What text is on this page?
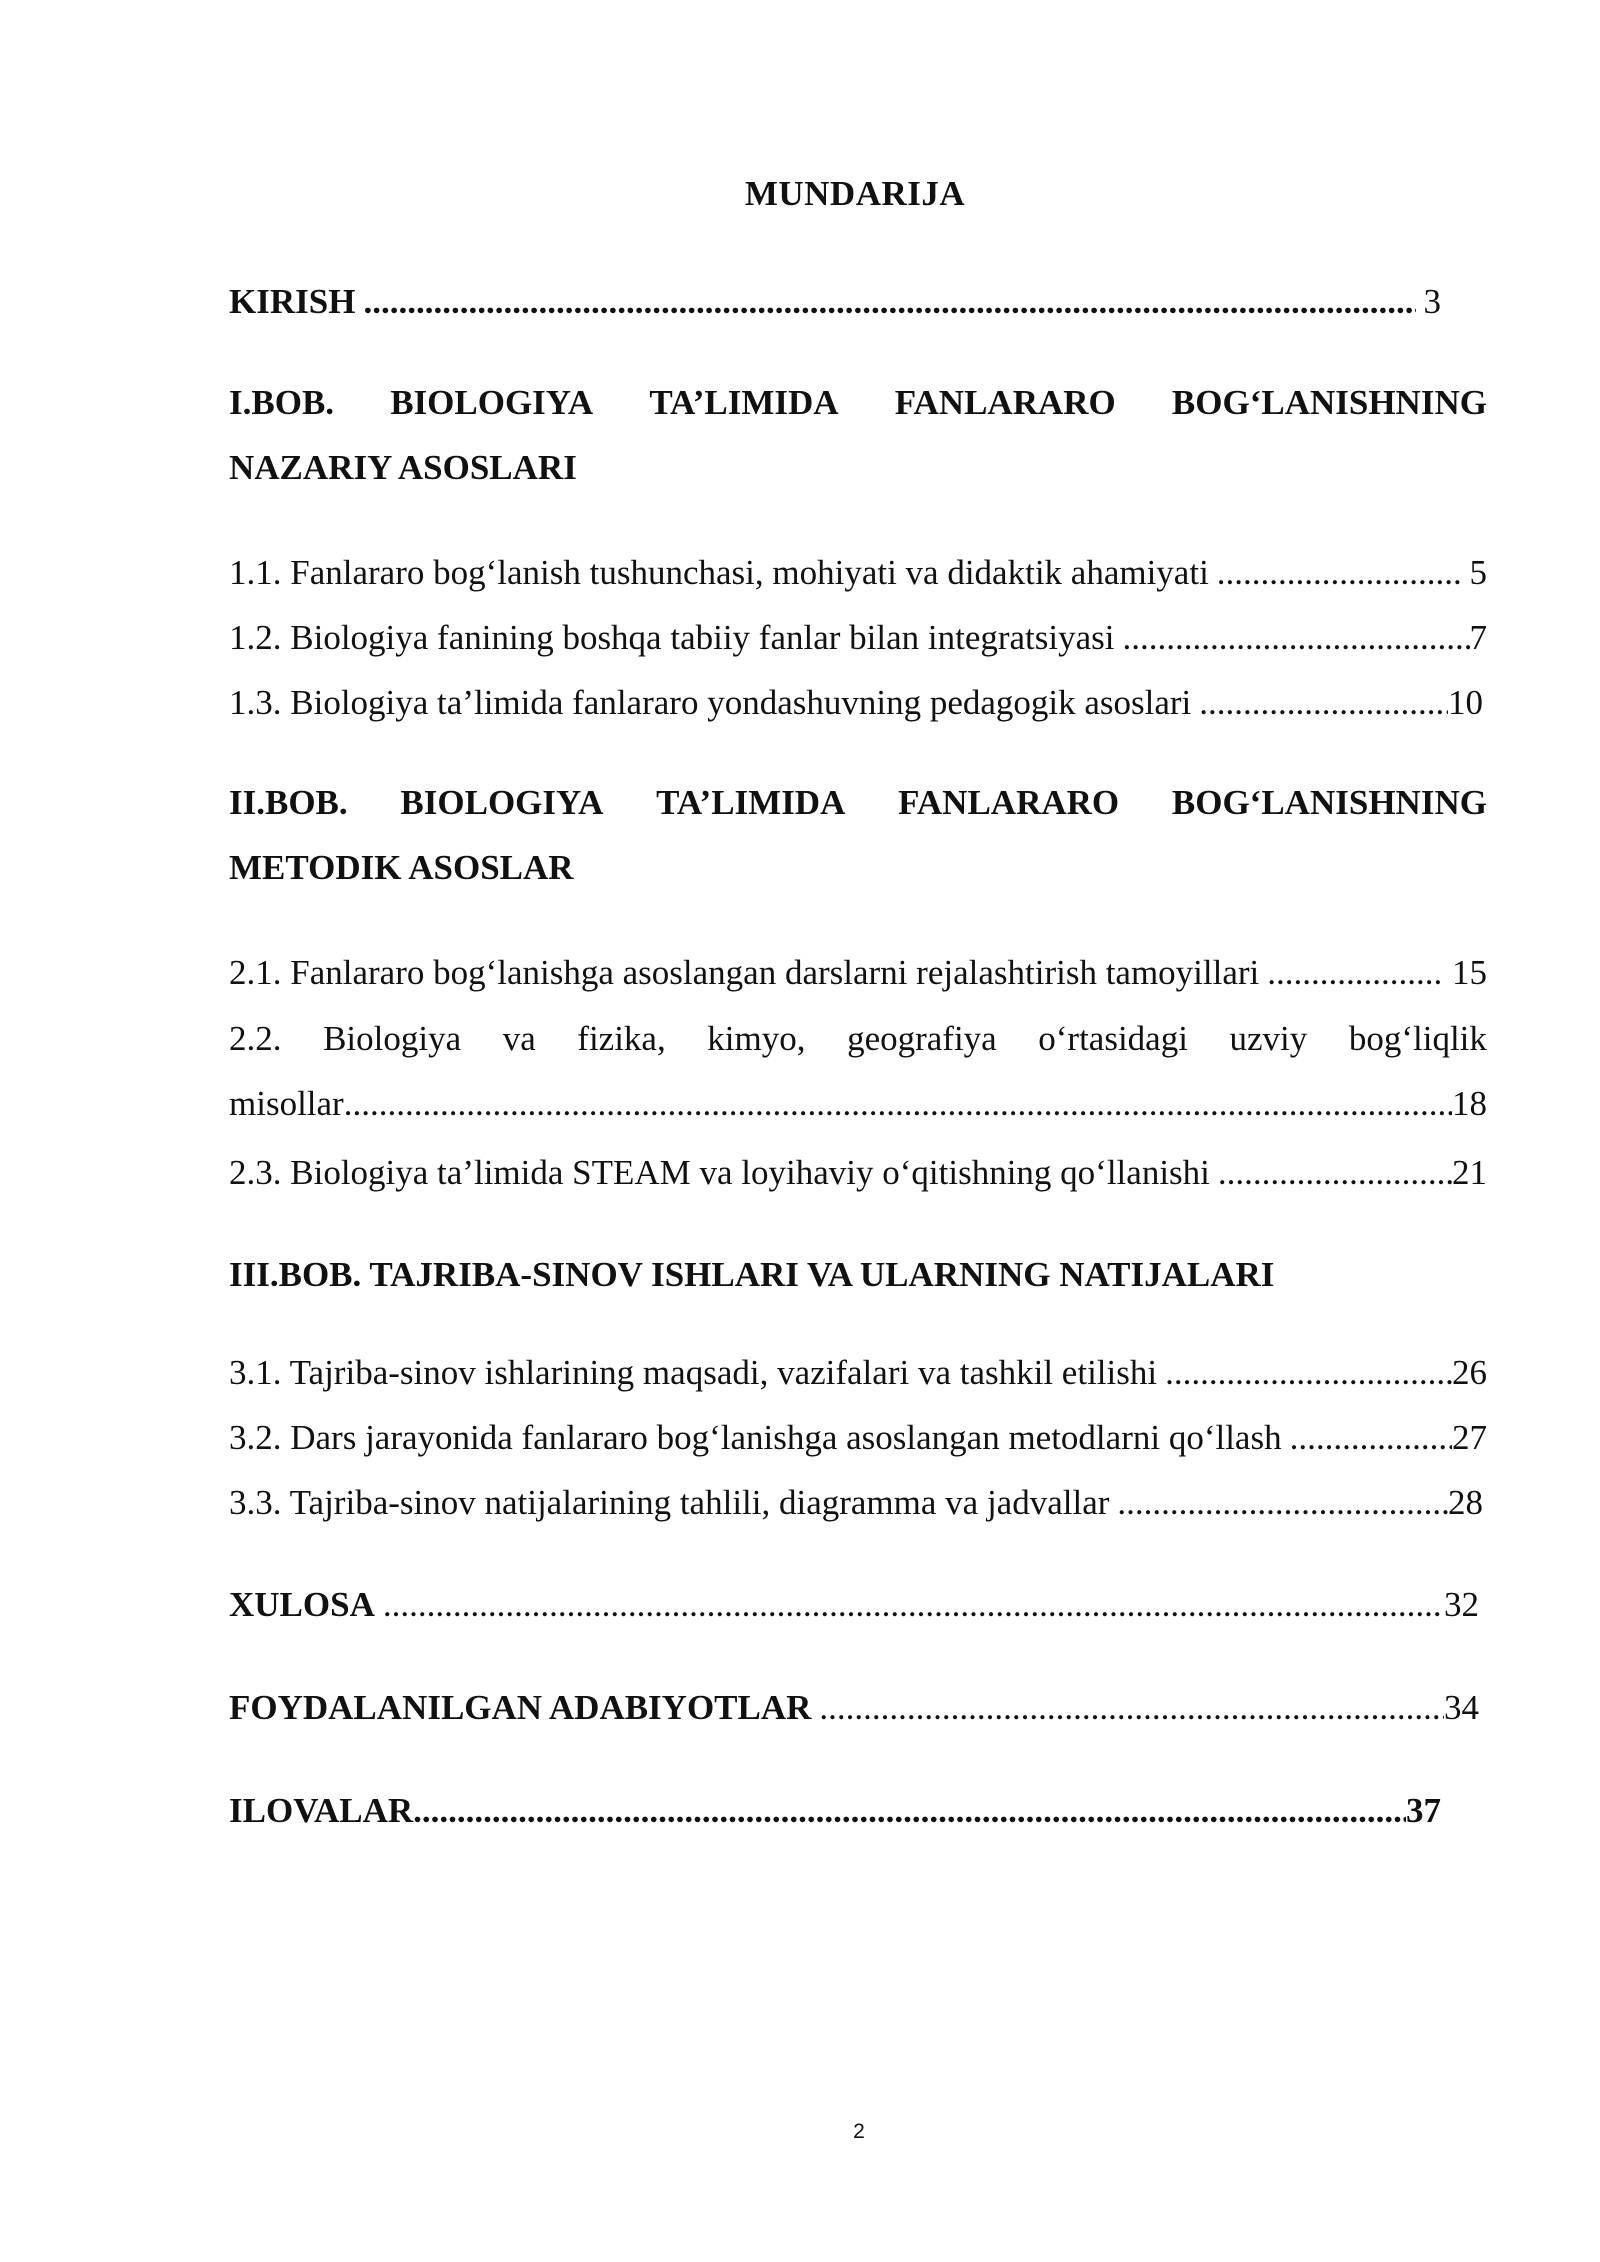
MUNDARIJA
KIRISH .....	3
I.BOB. BIOLOGIYA TA’LIMIDA FANLARARO BOG‘LANISHNING
NAZARIY ASOSLARI
1.1. Fanlararo bog‘lanish tushunchasi, mohiyati va didaktik ahamiyati .....	5
1.2. Biologiya fanining boshqa tabiiy fanlar bilan integratsiyasi .....	7
1.3. Biologiya ta’limida fanlararo yondashuvning pedagogik asoslari .....	10
II.BOB. BIOLOGIYA TA’LIMIDA FANLARARO BOG‘LANISHNING
METODIK ASOSLAR
2.1. Fanlararo bog‘lanishga asoslangan darslarni rejalashtirish tamoyillari .....	15
2.2. Biologiya va fizika, kimyo, geografiya o‘rtasidagi uzviy bog‘liqlik
misollar .....	18
2.3. Biologiya ta’limida STEAM va loyihaviy o‘qitishning qo‘llanishi .....	21
III.BOB. TAJRIBA-SINOV ISHLARI VA ULARNING NATIJALARI
3.1. Tajriba-sinov ishlarining maqsadi, vazifalari va tashkil etilishi .....	26
3.2. Dars jarayonida fanlararo bog‘lanishga asoslangan metodlarni qo‘llash .....	27
3.3. Tajriba-sinov natijalarining tahlili, diagramma va jadvallar .....	28
XULOSA .....	32
FOYDALANILGAN ADABIYOTLAR .....	34
ILOVALAR .....	37
2
